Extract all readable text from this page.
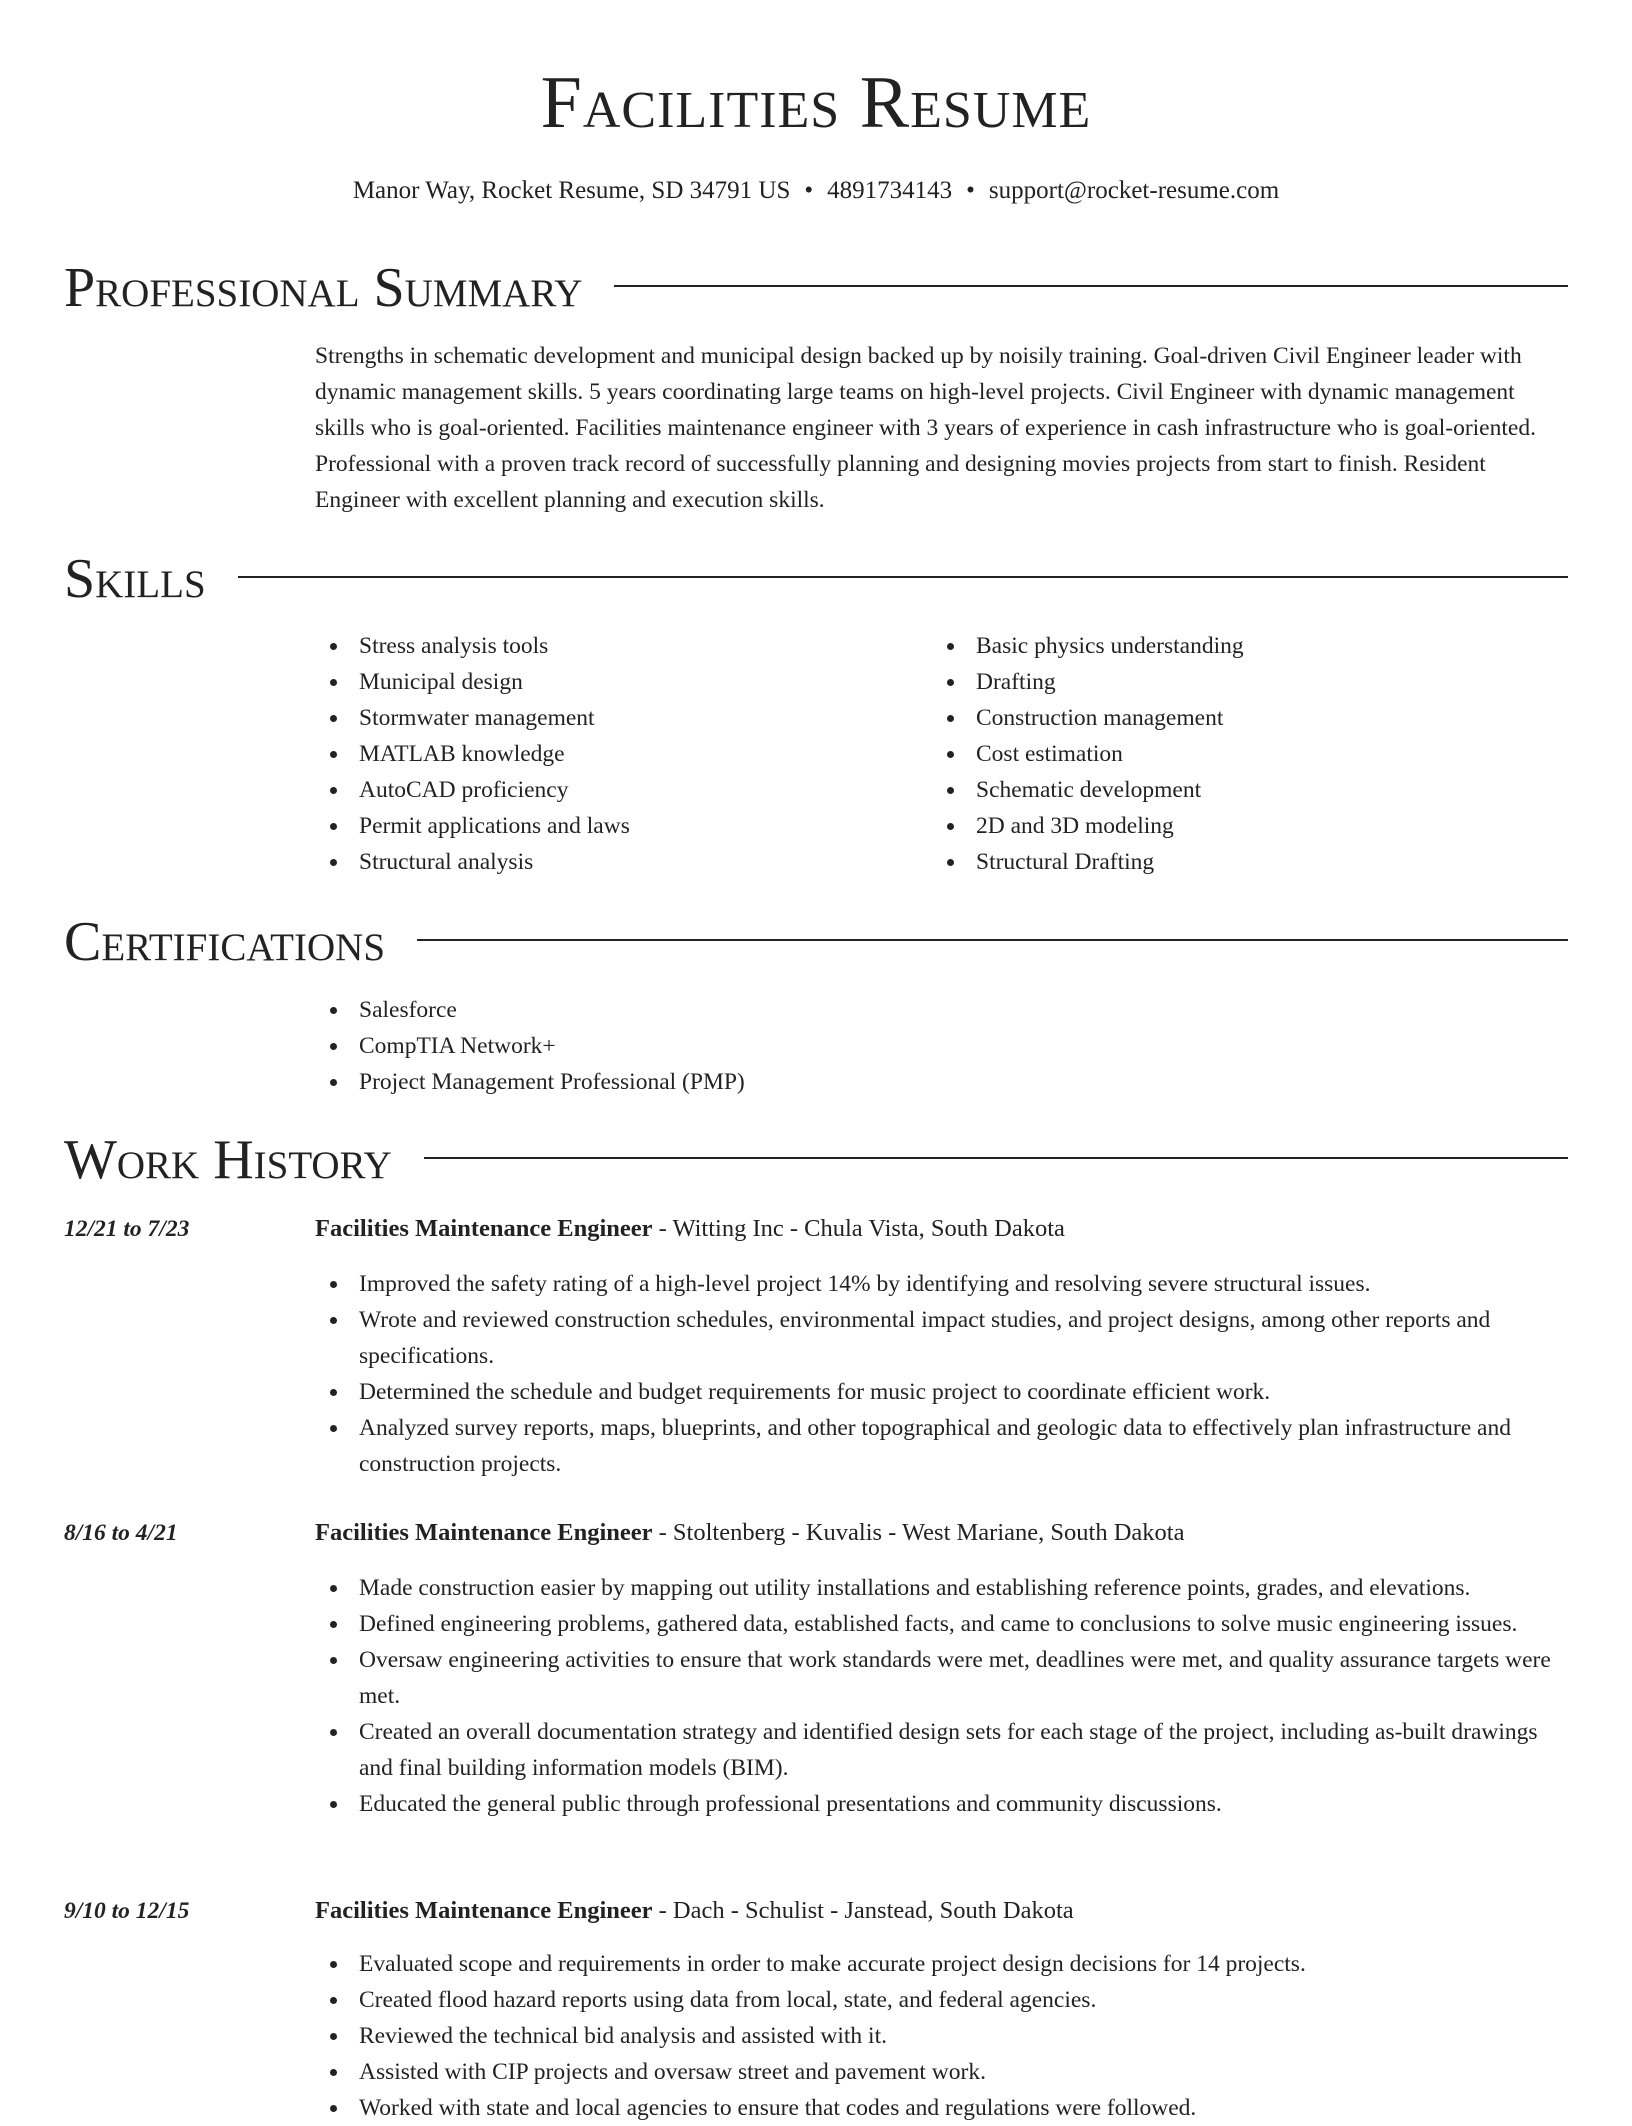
Facilities Resume
Manor Way, Rocket Resume, SD 34791 US • 4891734143 • support@rocket-resume.com
Professional Summary

Strengths in schematic development and municipal design backed up by noisily training. Goal-driven Civil Engineer leader with dynamic management skills. 5 years coordinating large teams on high-level projects. Civil Engineer with dynamic management skills who is goal-oriented. Facilities maintenance engineer with 3 years of experience in cash infrastructure who is goal-oriented. Professional with a proven track record of successfully planning and designing movies projects from start to finish. Resident Engineer with excellent planning and execution skills.

Skills
Stress analysis tools
Municipal design
Stormwater management
MATLAB knowledge
AutoCAD proficiency
Permit applications and laws
Structural analysis
Basic physics understanding
Drafting
Construction management
Cost estimation
Schematic development
2D and 3D modeling
Structural Drafting
Certifications
Salesforce
CompTIA Network+
Project Management Professional (PMP)
Work History
12/21 to 7/23	Facilities Maintenance Engineer - Witting Inc - Chula Vista, South Dakota
Improved the safety rating of a high-level project 14% by identifying and resolving severe structural issues.
Wrote and reviewed construction schedules, environmental impact studies, and project designs, among other reports and specifications.
Determined the schedule and budget requirements for music project to coordinate efficient work.
Analyzed survey reports, maps, blueprints, and other topographical and geologic data to effectively plan infrastructure and construction projects.
8/16 to 4/21	Facilities Maintenance Engineer - Stoltenberg - Kuvalis - West Mariane, South Dakota
Made construction easier by mapping out utility installations and establishing reference points, grades, and elevations.
Defined engineering problems, gathered data, established facts, and came to conclusions to solve music engineering issues.
Oversaw engineering activities to ensure that work standards were met, deadlines were met, and quality assurance targets were met.
Created an overall documentation strategy and identified design sets for each stage of the project, including as-built drawings and final building information models (BIM).
Educated the general public through professional presentations and community discussions.
9/10 to 12/15	Facilities Maintenance Engineer - Dach - Schulist - Janstead, South Dakota
Evaluated scope and requirements in order to make accurate project design decisions for 14 projects.
Created flood hazard reports using data from local, state, and federal agencies.
Reviewed the technical bid analysis and assisted with it.
Assisted with CIP projects and oversaw street and pavement work.
Worked with state and local agencies to ensure that codes and regulations were followed.
